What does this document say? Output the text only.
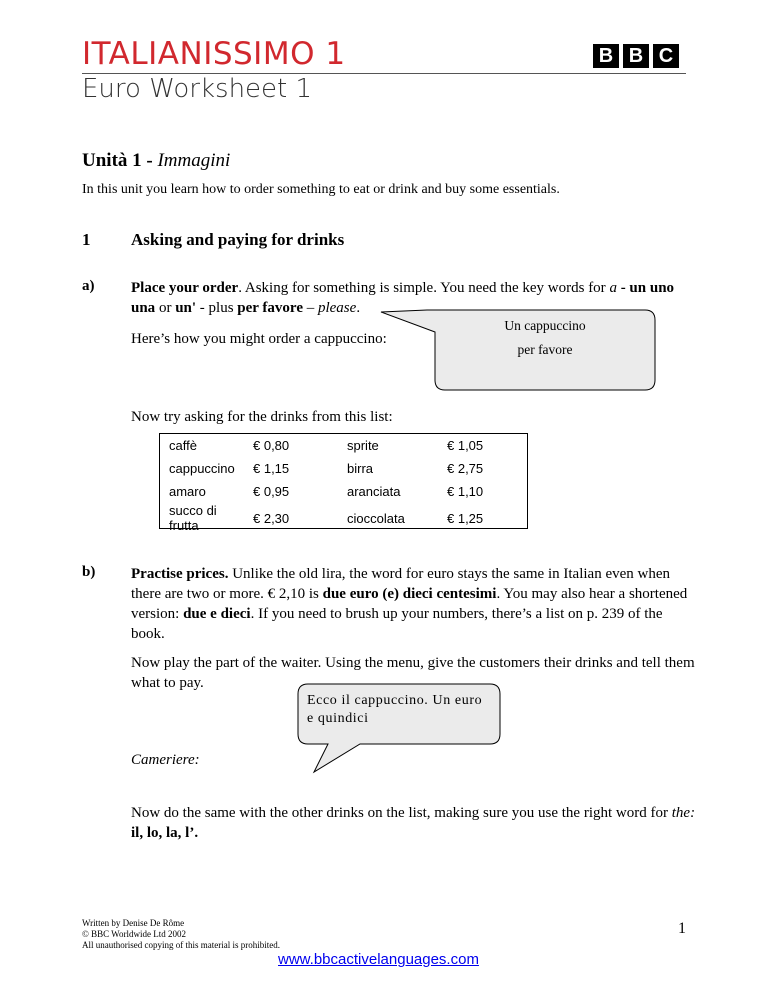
ITALIANISSIMO 1	B B C
Euro Worksheet 1
Unità 1 - Immagini
In this unit you learn how to order something to eat or drink and buy some essentials.
1 Asking and paying for drinks
a) Place your order. Asking for something is simple. You need the key words for a - un uno una or un' - plus per favore – please.
Here’s how you might order a cappuccino:
Un cappuccino
per favore
Now try asking for the drinks from this list:
caffè	€ 0,80	sprite	€ 1,05
cappuccino	€ 1,15	birra	€ 2,75
amaro	€ 0,95	aranciata	€ 1,10
succo di frutta	€ 2,30	cioccolata	€ 1,25
b) Practise prices. Unlike the old lira, the word for euro stays the same in Italian even when there are two or more. € 2,10 is due euro (e) dieci centesimi. You may also hear a shortened version: due e dieci. If you need to brush up your numbers, there’s a list on p. 239 of the book.
Now play the part of the waiter. Using the menu, give the customers their drinks and tell them what to pay.
Ecco il cappuccino. Un euro e quindici
Cameriere:
Now do the same with the other drinks on the list, making sure you use the right word for the: il, lo, la, l’.
Written by Denise De Rôme
© BBC Worldwide Ltd 2002
All unauthorised copying of this material is prohibited.
1
www.bbcactivelanguages.com
